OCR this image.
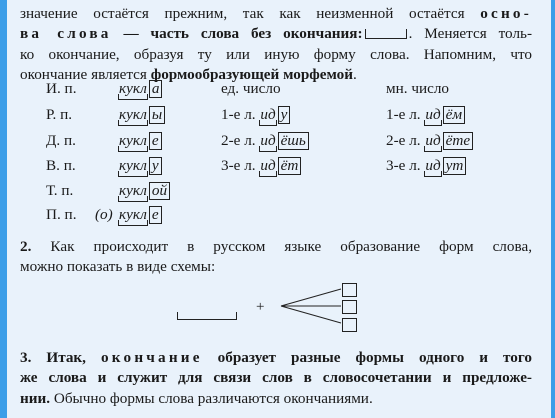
значение остаётся прежним, так как неизменной остаётся осно-
ва слова — часть слова без окончания:	. Меняется толь-
ко окончание, образуя ту или иную форму слова. Напомним, что
окончание является формообразующей морфемой.
И. п.	кукл а	ед. число	мн. число
Р. п.	кукл ы	1-е л. ид у	1-е л. ид ём
Д. п.	кукл е	2-е л. ид ёшь	2-е л. ид ёте
В. п.	кукл у	3-е л. ид ёт	3-е л. ид ут
Т. п.	кукл ой
П. п. (о) кукл е
2. Как происходит в русском языке образование форм слова,
можно показать в виде схемы:
+
3. Итак, окончание образует разные формы одного и того
же слова и служит для связи слов в словосочетании и предложе-
нии. Обычно формы слова различаются окончаниями.
